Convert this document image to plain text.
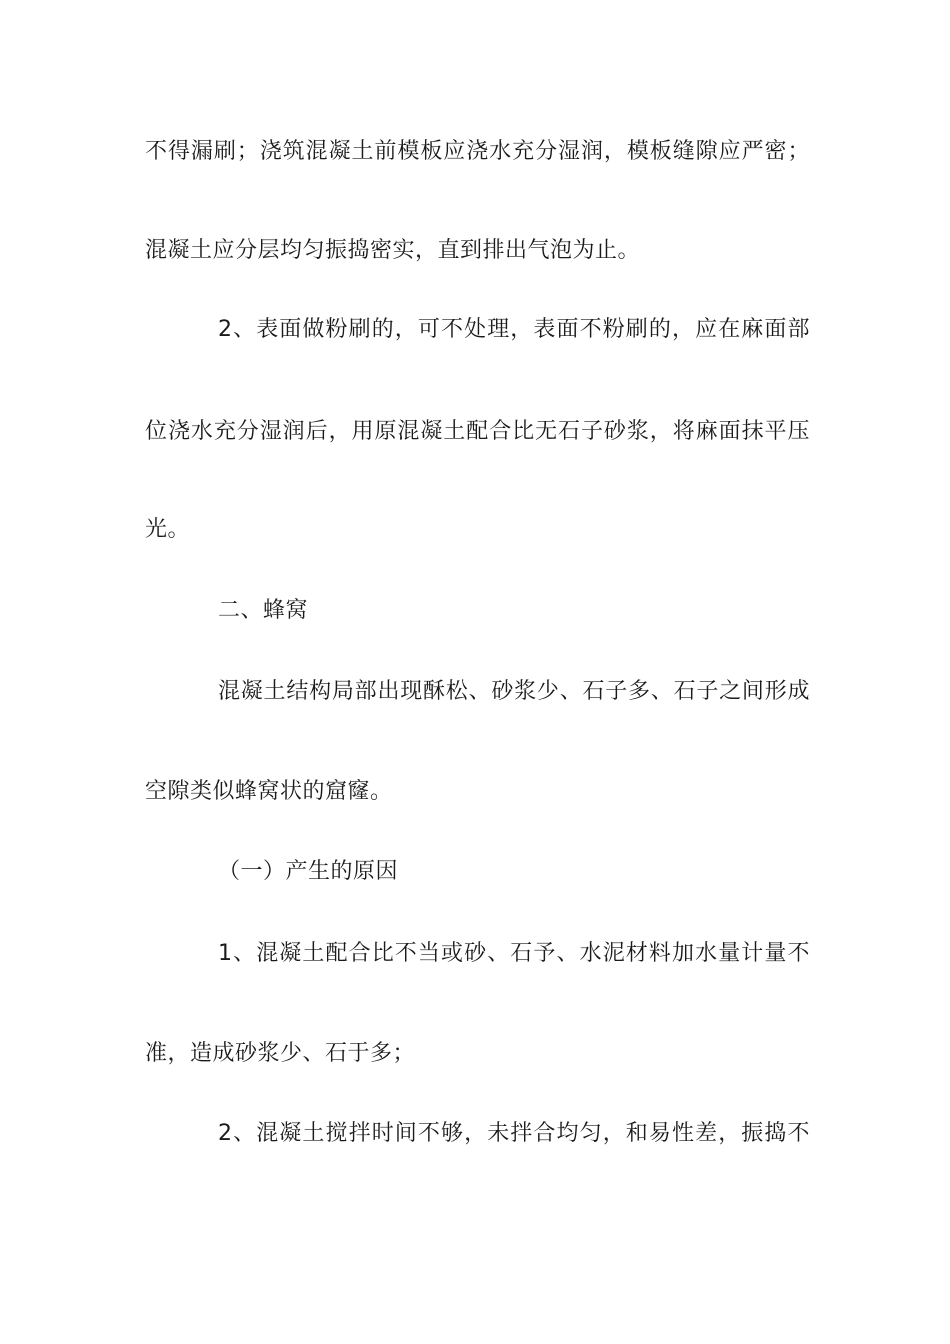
不得漏刷；浇筑混凝土前模板应浇水充分湿润，模板缝隙应严密；
混凝土应分层均匀振捣密实，直到排出气泡为止。
2、表面做粉刷的，可不处理，表面不粉刷的，应在麻面部
位浇水充分湿润后，用原混凝土配合比无石子砂浆，将麻面抹平压
光。
二、蜂窝
混凝土结构局部出现酥松、砂浆少、石子多、石子之间形成
空隙类似蜂窝状的窟窿。
（一）产生的原因
1、混凝土配合比不当或砂、石予、水泥材料加水量计量不
准，造成砂浆少、石于多；
2、混凝土搅拌时间不够，未拌合均匀，和易性差，振捣不
